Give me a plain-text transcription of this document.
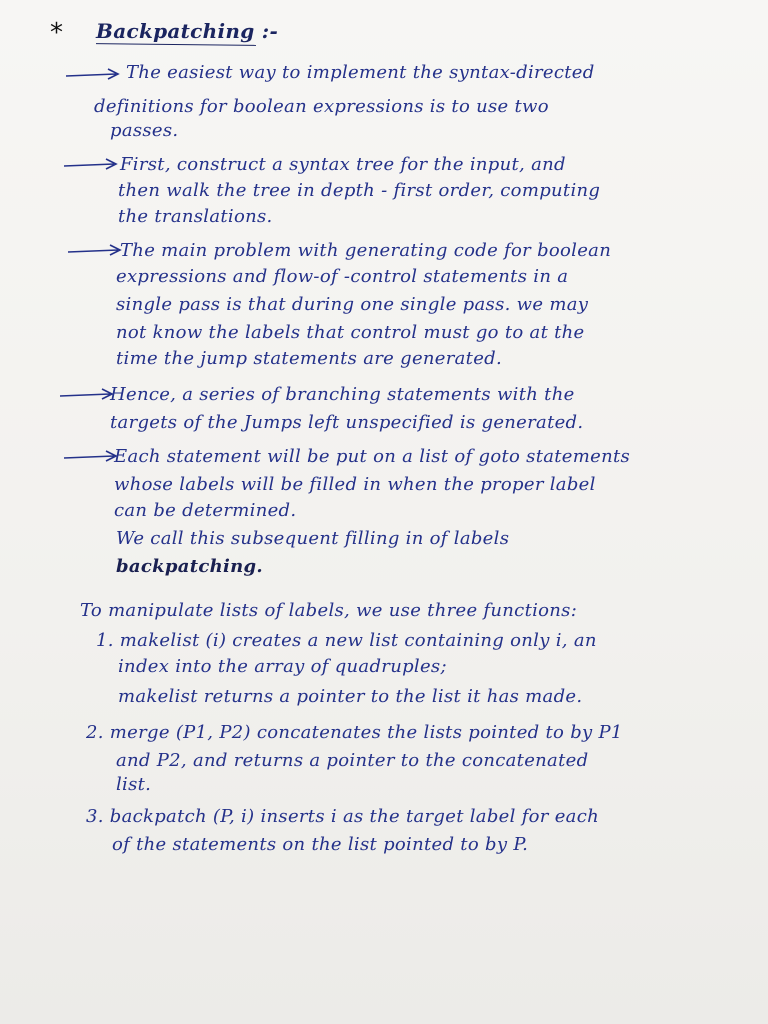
* Backpatching :-
The easiest way to implement the syntax-directed
definitions for boolean expressions is to use two
passes.
First, construct a syntax tree for the input, and
then walk the tree in depth - first order, computing
the translations.
The main problem with generating code for boolean
expressions and flow-of -control statements in a
single pass is that during one single pass. we may
not know the labels that control must go to at the
time the jump statements are generated.
Hence, a series of branching statements with the
targets of the Jumps left unspecified is generated.
Each statement will be put on a list of goto statements
whose labels will be filled in when the proper label
can be determined.
We call this subsequent filling in of labels
backpatching.
To manipulate lists of labels, we use three functions:
1. makelist (i) creates a new list containing only i, an
index into the array of quadruples;
makelist returns a pointer to the list it has made.
2. merge (P1, P2) concatenates the lists pointed to by P1
and P2, and returns a pointer to the concatenated
list.
3. backpatch (P, i) inserts i as the target label for each
of the statements on the list pointed to by P.
